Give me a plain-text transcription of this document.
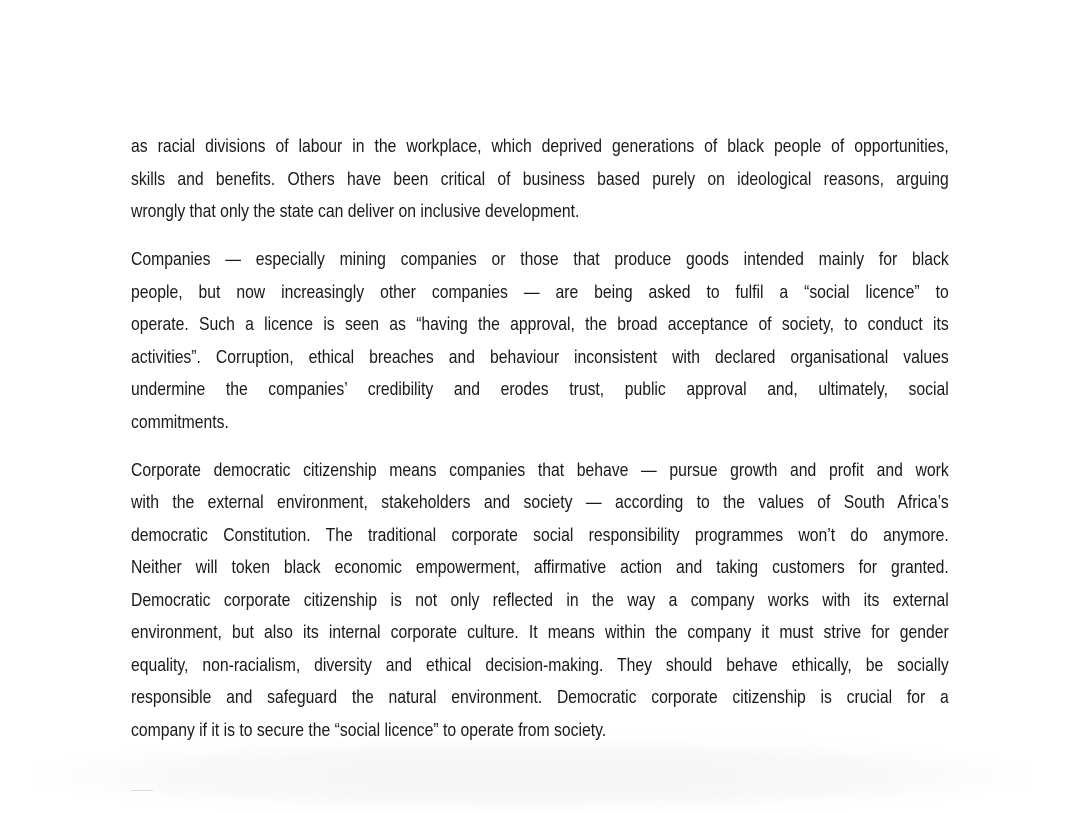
as racial divisions of labour in the workplace, which deprived generations of black people of opportunities,
skills and benefits. Others have been critical of business based purely on ideological reasons, arguing
wrongly that only the state can deliver on inclusive development.
Companies — especially mining companies or those that produce goods intended mainly for black
people, but now increasingly other companies — are being asked to fulfil a “social licence” to
operate. Such a licence is seen as “having the approval, the broad acceptance of society, to conduct its
activities”. Corruption, ethical breaches and behaviour inconsistent with declared organisational values
undermine the companies’ credibility and erodes trust, public approval and, ultimately, social
commitments.
Corporate democratic citizenship means companies that behave — pursue growth and profit and work
with the external environment, stakeholders and society — according to the values of South Africa’s
democratic Constitution. The traditional corporate social responsibility programmes won’t do anymore.
Neither will token black economic empowerment, affirmative action and taking customers for granted.
Democratic corporate citizenship is not only reflected in the way a company works with its external
environment, but also its internal corporate culture. It means within the company it must strive for gender
equality, non-racialism, diversity and ethical decision-making. They should behave ethically, be socially
responsible and safeguard the natural environment. Democratic corporate citizenship is crucial for a
company if it is to secure the “social licence” to operate from society.
